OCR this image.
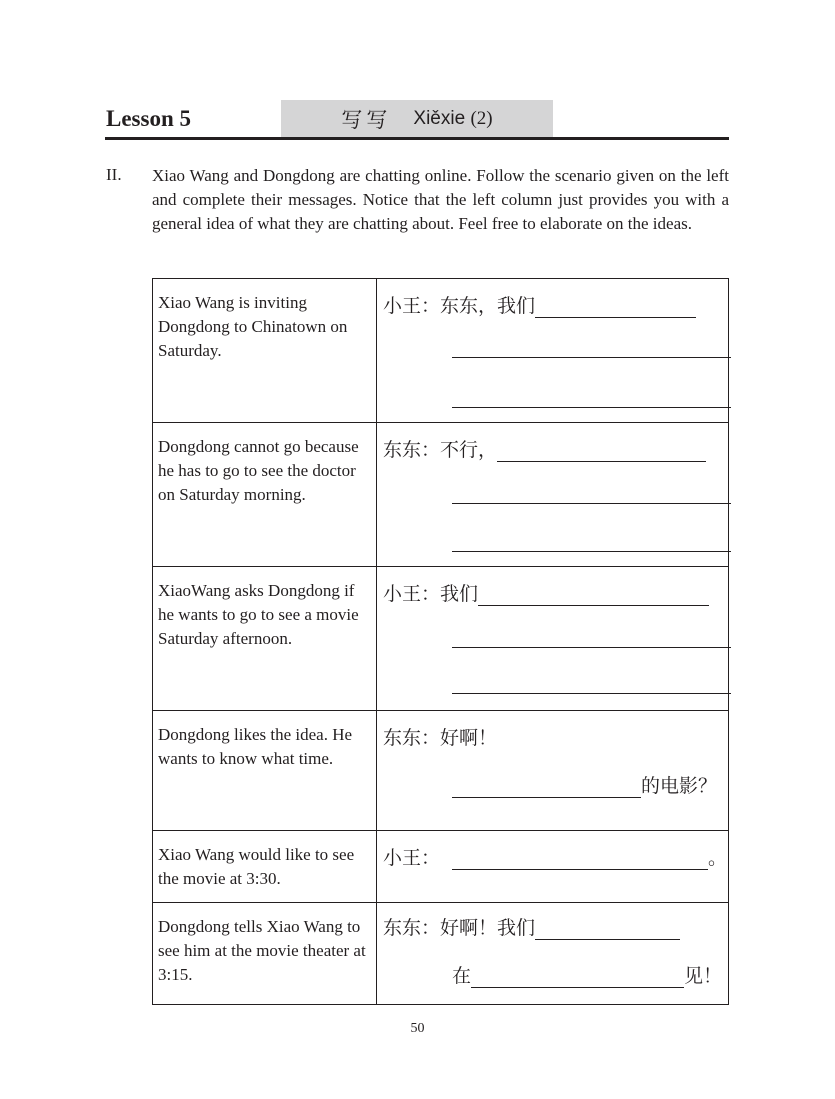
Lesson 5	写写 Xiěxie (2)
II. Xiao Wang and Dongdong are chatting online. Follow the scenario given on the left and complete their messages. Notice that the left column just provides you with a general idea of what they are chatting about. Feel free to elaborate on the ideas.
Xiao Wang is inviting Dongdong to Chinatown on Saturday.	小王： 东东，我们

Dongdong cannot go because he has to go to see the doctor on Saturday morning.	东东： 不行，

XiaoWang asks Dongdong if he wants to go to see a movie Saturday afternoon.	小王： 我们

Dongdong likes the idea. He wants to know what time.	东东： 好啊！
的电影？

Xiao Wang would like to see the movie at 3:30.	小王： 。

Dongdong tells Xiao Wang to see him at the movie theater at 3:15.	东东： 好啊！我们
在 见！
50
